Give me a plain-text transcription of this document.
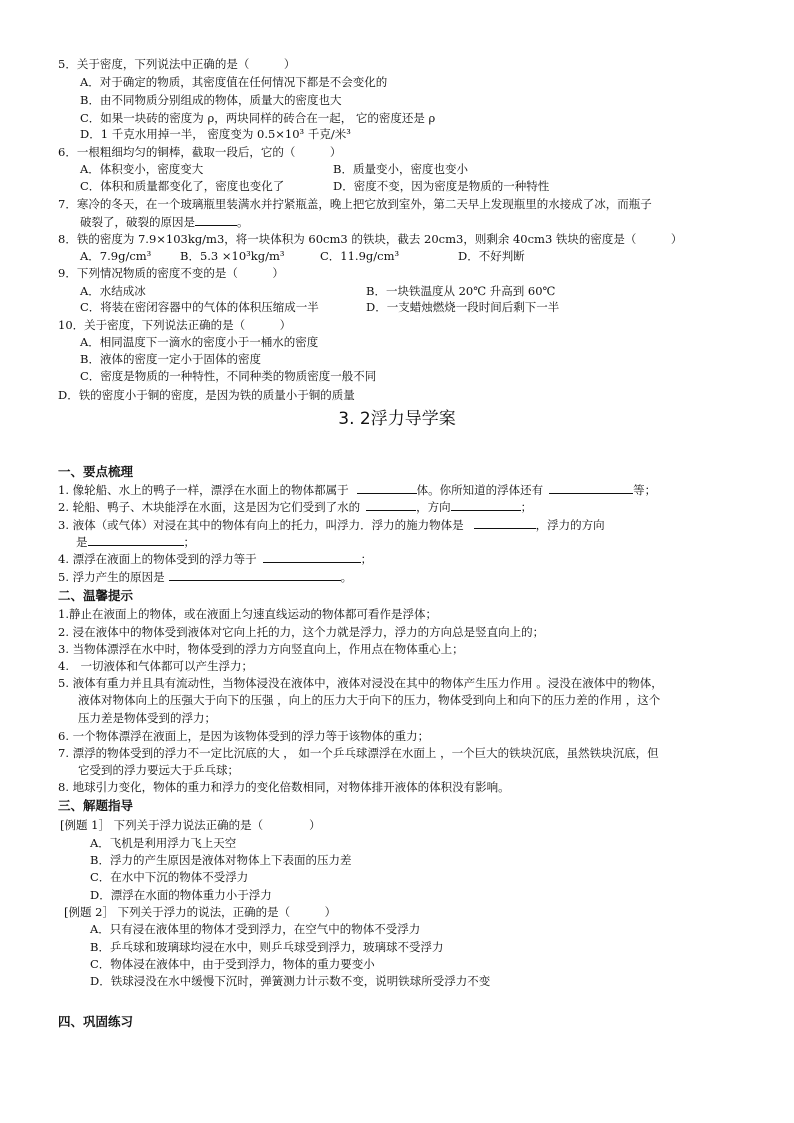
5．关于密度，下列说法中正确的是（　　　）
A．对于确定的物质，其密度值在任何情况下都是不会变化的
B．由不同物质分别组成的物体，质量大的密度也大
C．如果一块砖的密度为 ρ，两块同样的砖合在一起， 它的密度还是 ρ
D．1 千克水用掉一半， 密度变为 0.5×10³ 千克/米³
6．一根粗细均匀的铜棒，截取一段后，它的（　　　）
A．体积变小，密度变大	B．质量变小，密度也变小
C．体积和质量都变化了，密度也变化了	D．密度不变，因为密度是物质的一种特性
7．寒冷的冬天，在一个玻璃瓶里装满水并拧紧瓶盖，晚上把它放到室外，第二天早上发现瓶里的水接成了冰，而瓶子
破裂了，破裂的原因是	。
8．铁的密度为 7.9×103kg/m3，将一块体积为 60cm3 的铁块，截去 20cm3，则剩余 40cm3 铁块的密度是（　　　）
A．7.9g/cm³ B．5.3 ×10³kg/m³	C．11.9g/cm³	D．不好判断
9．下列情况物质的密度不变的是（　　　）
A．水结成冰	B．一块铁温度从 20℃ 升高到 60℃
C．将装在密闭容器中的气体的体积压缩成一半	D．一支蜡烛燃烧一段时间后剩下一半
10．关于密度，下列说法正确的是（　　　）
A．相同温度下一滴水的密度小于一桶水的密度
B．液体的密度一定小于固体的密度
C．密度是物质的一种特性，不同种类的物质密度一般不同
D．铁的密度小于铜的密度，是因为铁的质量小于铜的质量
3. 2浮力导学案
一、要点梳理
1. 像轮船、水上的鸭子一样，漂浮在水面上的物体都属于	体。你所知道的浮体还有	等；
2. 轮船、鸭子、木块能浮在水面，这是因为它们受到了水的	，方向	；
3. 液体（或气体）对浸在其中的物体有向上的托力，叫浮力．浮力的施力物体是	，浮力的方向
是	；
4. 漂浮在液面上的物体受到的浮力等于	；
5. 浮力产生的原因是	。
二、温馨提示
1.静止在液面上的物体，或在液面上匀速直线运动的物体都可看作是浮体；
2. 浸在液体中的物体受到液体对它向上托的力，这个力就是浮力，浮力的方向总是竖直向上的；
3. 当物体漂浮在水中时，物体受到的浮力方向竖直向上，作用点在物体重心上；
4.　一切液体和气体都可以产生浮力；
5. 液体有重力并且具有流动性，当物体浸没在液体中，液体对浸没在其中的物体产生压力作用 。浸没在液体中的物体，
液体对物体向上的压强大于向下的压强 ，向上的压力大于向下的压力，物体受到向上和向下的压力差的作用 ，这个
压力差是物体受到的浮力；
6. 一个物体漂浮在液面上，是因为该物体受到的浮力等于该物体的重力；
7. 漂浮的物体受到的浮力不一定比沉底的大 ， 如一个乒乓球漂浮在水面上 ，一个巨大的铁块沉底，虽然铁块沉底，但
它受到的浮力要远大于乒乓球；
8. 地球引力变化，物体的重力和浮力的变化倍数相同，对物体排开液体的体积没有影响。
三、解题指导
[例题 1］ 下列关于浮力说法正确的是（　　　　）
A．飞机是利用浮力飞上天空
B．浮力的产生原因是液体对物体上下表面的压力差
C．在水中下沉的物体不受浮力
D．漂浮在水面的物体重力小于浮力
[例题 2］ 下列关于浮力的说法，正确的是（　　　）
A．只有浸在液体里的物体才受到浮力，在空气中的物体不受浮力
B．乒乓球和玻璃球均浸在水中，则乒乓球受到浮力，玻璃球不受浮力
C．物体浸在液体中，由于受到浮力，物体的重力要变小
D．铁球浸没在水中缓慢下沉时，弹簧测力计示数不变，说明铁球所受浮力不变
四、巩固练习
